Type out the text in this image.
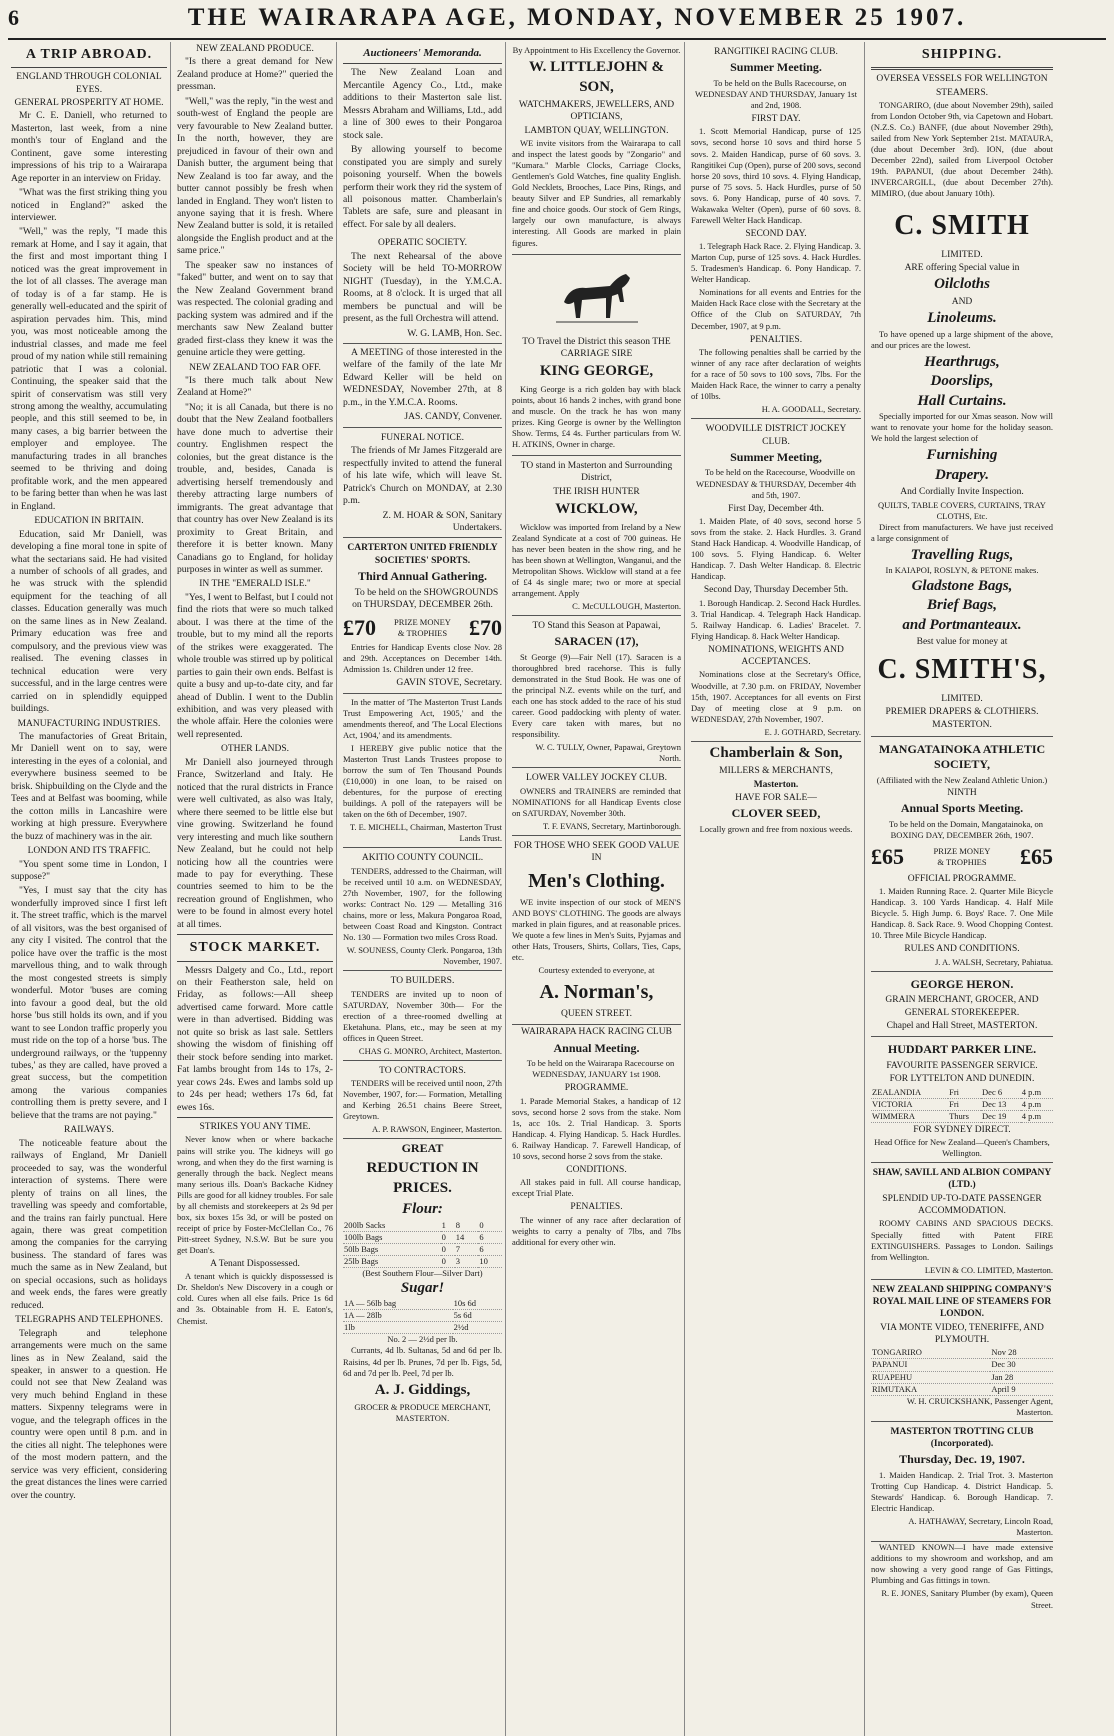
6	THE WAIRARAPA AGE, MONDAY, NOVEMBER 25 1907.
A TRIP ABROAD.
ENGLAND THROUGH COLONIAL EYES.
GENERAL PROSPERITY AT HOME.

Mr C. E. Daniell, who returned to Masterton, last week, from a nine month's tour of England and the Continent, gave some interesting impressions of his trip to a Wairarapa Age reporter in an interview on Friday.

"What was the first striking thing you noticed in England?" asked the interviewer.

"Well," was the reply, "I made this remark at Home, and I say it again, that the first and most important thing I noticed was the great improvement in the lot of all classes. The average man of today is of a far stamp. He is generally well-educated and the spirit of aspiration pervades him. This, mind you, was most noticeable among the industrial classes, and made me feel proud of my nation while still remaining patriotic that I was a colonial. Continuing, the speaker said that the spirit of conservatism was still very strong among the wealthy, accumulating people, and this still seemed to be, in many cases, a big barrier between the employer and employee. The manufacturing trades in all branches seemed to be thriving and doing profitable work, and the men appeared to be faring better than when he was last in England.

EDUCATION IN BRITAIN.

Education, said Mr Daniell, was developing a fine moral tone in spite of what the sectarians said. He had visited a number of schools of all grades, and he was struck with the splendid equipment for the teaching of all classes. Education generally was much on the same lines as in New Zealand. Primary education was free and compulsory, and the previous view was realised. The evening classes in technical education were very successful, and in the large centres were carried on in splendidly equipped buildings.

MANUFACTURING INDUSTRIES.

The manufactories of Great Britain, Mr Daniell went on to say, were interesting in the eyes of a colonial, and everywhere business seemed to be brisk. Shipbuilding on the Clyde and the Tees and at Belfast was booming, while the cotton mills in Lancashire were working at high pressure. Everywhere the buzz of machinery was in the air.

LONDON AND ITS TRAFFIC.

"You spent some time in London, I suppose?"

"Yes, I must say that the city has wonderfully improved since I first left it. The street traffic, which is the marvel of all visitors, was the best organised of any city I visited. The control that the police have over the traffic is the most marvellous thing, and to walk through the most congested streets is simply wonderful. Motor 'buses are coming into favour a good deal, but the old horse 'bus still holds its own, and if you want to see London traffic properly you must ride on the top of a horse 'bus. The underground railways, or the 'tuppenny tubes,' as they are called, have proved a great success, but the competition among the various companies controlling them is pretty severe, and I believe that the trams are not paying."

RAILWAYS.

The noticeable feature about the railways of England, Mr Daniell proceeded to say, was the wonderful interaction of systems. There were plenty of trains on all lines, the travelling was speedy and comfortable, and the trains ran fairly punctual. Here again, there was great competition among the companies for the carrying business. The standard of fares was much the same as in New Zealand, but on special occasions, such as holidays and week ends, the fares were greatly reduced.

TELEGRAPHS AND TELEPHONES.

Telegraph and telephone arrangements were much on the same lines as in New Zealand, said the speaker, in answer to a question. He could not see that New Zealand was very much behind England in these matters. Sixpenny telegrams were in vogue, and the telegraph offices in the country were open until 8 p.m. and in the cities all night. The telephones were of the most modern pattern, and the service was very efficient, considering the great distances the lines were carried over the country.

NEW ZEALAND PRODUCE.

"Is there a great demand for New Zealand produce at Home?" queried the pressman.

"Well," was the reply, "in the west and south-west of England the people are very favourable to New Zealand butter. In the north, however, they are prejudiced in favour of their own and Danish butter, the argument being that New Zealand is too far away, and the butter cannot possibly be fresh when landed in England. They won't listen to anyone saying that it is fresh. Where New Zealand butter is sold, it is retailed alongside the English product and at the same price."

The speaker saw no instances of "faked" butter, and went on to say that the New Zealand Government brand was respected. The colonial grading and packing system was admired and if the merchants saw New Zealand butter graded first-class they knew it was the genuine article they were getting.

NEW ZEALAND TOO FAR OFF.

"Is there much talk about New Zealand at Home?"

"No; it is all Canada, but there is no doubt that the New Zealand footballers have done much to advertise their country. Englishmen respect the colonies, but the great distance is the trouble, and, besides, Canada is advertising herself tremendously and thereby attracting large numbers of immigrants. The great advantage that that country has over New Zealand is its proximity to Great Britain, and therefore it is better known. Many Canadians go to England, for holiday purposes in winter as well as summer.

IN THE "EMERALD ISLE."

"Yes, I went to Belfast, but I could not find the riots that were so much talked about. I was there at the time of the trouble, but to my mind all the reports of the strikes were exaggerated. The whole trouble was stirred up by political parties to gain their own ends. Belfast is quite a busy and up-to-date city, and far ahead of Dublin. I went to the Dublin exhibition, and was very pleased with the whole affair. Here the colonies were well represented.

OTHER LANDS.

Mr Daniell also journeyed through France, Switzerland and Italy. He noticed that the rural districts in France were well cultivated, as also was Italy, where there seemed to be little else but vine growing. Switzerland he found very interesting and much like southern New Zealand, but he could not help noticing how all the countries were made to pay for everything. These countries seemed to him to be the recreation ground of Englishmen, who were to be found in almost every hotel at all times.

STOCK MARKET.

Messrs Dalgety and Co., Ltd., report on their Featherston sale, held on Friday, as follows:—All sheep advertised came forward. More cattle were in than advertised. Bidding was not quite so brisk as last sale. Settlers showing the wisdom of finishing off their stock before sending into market. Fat lambs brought from 14s to 17s, 2-year cows 24s. Ewes and lambs sold up to 24s per head; wethers 17s 6d, fat ewes 16s.

STRIKES YOU ANY TIME.

Never know when or where backache pains will strike you. The kidneys will go wrong, and when they do the first warning is generally through the back. Neglect means many serious ills. Doan's Backache Kidney Pills are good for all kidney troubles. For sale by all chemists and storekeepers at 2s 9d per box, six boxes 15s 3d, or will be posted on receipt of price by Foster-McClellan Co., 76 Pitt-street Sydney, N.S.W. But be sure you get Doan's.

A Tenant Dispossessed.

A tenant which is quickly dispossessed is Dr. Sheldon's New Discovery in a cough or cold. Cures when all else fails. Price 1s 6d and 3s. Obtainable from H. E. Eaton's, Chemist.

Auctioneers' Memoranda.

The New Zealand Loan and Mercantile Agency Co., Ltd., make additions to their Masterton sale list. Messrs Abraham and Williams, Ltd., add a line of 300 ewes to their Pongaroa stock sale.

By allowing yourself to become constipated you are simply and surely poisoning yourself. When the bowels perform their work they rid the system of all poisonous matter. Chamberlain's Tablets are safe, sure and pleasant in effect. For sale by all dealers.

OPERATIC SOCIETY.

The next Rehearsal of the above Society will be held TO-MORROW NIGHT (Tuesday), in the Y.M.C.A. Rooms, at 8 o'clock. It is urged that all members be punctual and will be present, as the full Orchestra will attend.

W. G. LAMB, Hon. Sec.

A MEETING of those interested in the welfare of the family of the late Mr Edward Keller will be held on WEDNESDAY, November 27th, at 8 p.m., in the Y.M.C.A. Rooms.

JAS. CANDY, Convener.
FUNERAL NOTICE.

The friends of Mr James Fitzgerald are respectfully invited to attend the funeral of his late wife, which will leave St. Patrick's Church on MONDAY, at 2.30 p.m.

Z. M. HOAR & SON, Sanitary Undertakers.
CARTERTON UNITED FRIENDLY SOCIETIES' SPORTS.
Third Annual Gathering.

To be held on the SHOWGROUNDS on THURSDAY, DECEMBER 26th.

£70 PRIZE MONEY & TROPHIES £70

Entries for Handicap Events close Nov. 28 and 29th. Acceptances on December 14th. Admission 1s. Children under 12 free.

GAVIN STOVE, Secretary.

In the matter of 'The Masterton Trust Lands Trust Empowering Act, 1905,' and the amendments thereof, and 'The Local Elections Act, 1904,' and its amendments.

I HEREBY give public notice that the Masterton Trust Lands Trustees propose to borrow the sum of Ten Thousand Pounds (£10,000) in one loan, to be raised on debentures, for the purpose of erecting buildings. A poll of the ratepayers will be taken on the 6th of December, 1907.

T. E. MICHELL, Chairman, Masterton Trust Lands Trust.
AKITIO COUNTY COUNCIL.

TENDERS, addressed to the Chairman, will be received until 10 a.m. on WEDNESDAY, 27th November, 1907, for the following works: Contract No. 129 — Metalling 316 chains, more or less, Makura Pongaroa Road, between Coast Road and Kingston. Contract No. 130 — Formation two miles Cross Road.

W. SOUNESS, County Clerk. Pongaroa, 13th November, 1907.
TO BUILDERS.

TENDERS are invited up to noon of SATURDAY, November 30th— For the erection of a three-roomed dwelling at Eketahuna. Plans, etc., may be seen at my offices in Queen Street.

CHAS G. MONRO, Architect, Masterton.
TO CONTRACTORS.

TENDERS will be received until noon, 27th November, 1907, for:— Formation, Metalling and Kerbing 26.51 chains Beere Street, Greytown.

A. P. RAWSON, Engineer, Masterton.
GREAT
REDUCTION IN PRICES.
Flour:
200lb Sacks	1	8	0
100lb Bags	0	14	6
50lb Bags	0	7	6
25lb Bags	0	3	10
(Best Southern Flour—Silver Dart)
Sugar!
1A — 56lb bag	10s 6d
1A — 28lb	5s 6d
1lb	2½d
No. 2 — 2½d per lb.

Currants, 4d lb. Sultanas, 5d and 6d per lb. Raisins, 4d per lb. Prunes, 7d per lb. Figs, 5d, 6d and 7d per lb. Peel, 7d per lb.

A. J. Giddings,
GROCER & PRODUCE MERCHANT, MASTERTON.
By Appointment to His Excellency the Governor.
W. LITTLEJOHN & SON,
WATCHMAKERS, JEWELLERS, AND OPTICIANS,
LAMBTON QUAY, WELLINGTON.

WE invite visitors from the Wairarapa to call and inspect the latest goods by "Zongario" and "Kumara." Marble Clocks, Carriage Clocks, Gentlemen's Gold Watches, fine quality English. Gold Necklets, Brooches, Lace Pins, Rings, and beauty Silver and EP Sundries, all remarkably fine and choice goods. Our stock of Gem Rings, largely our own manufacture, is always interesting. All Goods are marked in plain figures.

TO Travel the District this season THE CARRIAGE SIRE
KING GEORGE,

King George is a rich golden bay with black points, about 16 hands 2 inches, with grand bone and muscle. On the track he has won many prizes. King George is owner by the Wellington Show. Terms, £4 4s. Further particulars from W. H. ATKINS, Owner in charge.

TO stand in Masterton and Surrounding District,
THE IRISH HUNTER
WICKLOW,

Wicklow was imported from Ireland by a New Zealand Syndicate at a cost of 700 guineas. He has never been beaten in the show ring, and he has been shown at Wellington, Wanganui, and the Metropolitan Shows. Wicklow will stand at a fee of £4 4s single mare; two or more at special arrangement. Apply

C. McCULLOUGH, Masterton.
TO Stand this Season at Papawai,
SARACEN (17),

St George (9)—Fair Nell (17). Saracen is a thoroughbred bred racehorse. This is fully demonstrated in the Stud Book. He was one of the principal N.Z. events while on the turf, and each one has stock added to the race of his stud career. Good paddocking with plenty of water. Every care taken with mares, but no responsibility.

W. C. TULLY, Owner, Papawai, Greytown North.
LOWER VALLEY JOCKEY CLUB.

OWNERS and TRAINERS are reminded that NOMINATIONS for all Handicap Events close on SATURDAY, November 30th.

T. F. EVANS, Secretary, Martinborough.
FOR THOSE WHO SEEK GOOD VALUE IN
Men's Clothing.

WE invite inspection of our stock of MEN'S AND BOYS' CLOTHING. The goods are always marked in plain figures, and at reasonable prices. We quote a few lines in Men's Suits, Pyjamas and other Hats, Trousers, Shirts, Collars, Ties, Caps, etc.

Courtesy extended to everyone, at
A. Norman's,
QUEEN STREET.
WAIRARAPA HACK RACING CLUB
Annual Meeting.

To be held on the Wairarapa Racecourse on WEDNESDAY, JANUARY 1st 1908.

PROGRAMME.

1. Parade Memorial Stakes, a handicap of 12 sovs, second horse 2 sovs from the stake. Nom 1s, acc 10s. 2. Trial Handicap. 3. Sports Handicap. 4. Flying Handicap. 5. Hack Hurdles. 6. Railway Handicap. 7. Farewell Handicap, of 10 sovs, second horse 2 sovs from the stake.

CONDITIONS.

All stakes paid in full. All course handicap, except Trial Plate.

PENALTIES.

The winner of any race after declaration of weights to carry a penalty of 7lbs, and 7lbs additional for every other win.

RANGITIKEI RACING CLUB.
Summer Meeting.

To be held on the Bulls Racecourse, on WEDNESDAY AND THURSDAY, January 1st and 2nd, 1908.

FIRST DAY.

1. Scott Memorial Handicap, purse of 125 sovs, second horse 10 sovs and third horse 5 sovs. 2. Maiden Handicap, purse of 60 sovs. 3. Rangitikei Cup (Open), purse of 200 sovs, second horse 20 sovs, third 10 sovs. 4. Flying Handicap, purse of 75 sovs. 5. Hack Hurdles, purse of 50 sovs. 6. Pony Handicap, purse of 40 sovs. 7. Wakawaka Welter (Open), purse of 60 sovs. 8. Farewell Welter Hack Handicap.

SECOND DAY.

1. Telegraph Hack Race. 2. Flying Handicap. 3. Marton Cup, purse of 125 sovs. 4. Hack Hurdles. 5. Tradesmen's Handicap. 6. Pony Handicap. 7. Welter Handicap.

Nominations for all events and Entries for the Maiden Hack Race close with the Secretary at the Office of the Club on SATURDAY, 7th December, 1907, at 9 p.m.

PENALTIES.

The following penalties shall be carried by the winner of any race after declaration of weights for a race of 50 sovs to 100 sovs, 7lbs. For the Maiden Hack Race, the winner to carry a penalty of 10lbs.

H. A. GOODALL, Secretary.
WOODVILLE DISTRICT JOCKEY CLUB.
Summer Meeting,

To be held on the Racecourse, Woodville on WEDNESDAY & THURSDAY, December 4th and 5th, 1907.

First Day, December 4th.

1. Maiden Plate, of 40 sovs, second horse 5 sovs from the stake. 2. Hack Hurdles. 3. Grand Stand Hack Handicap. 4. Woodville Handicap, of 100 sovs. 5. Flying Handicap. 6. Welter Handicap. 7. Dash Welter Handicap. 8. Electric Handicap.

Second Day, Thursday December 5th.

1. Borough Handicap. 2. Second Hack Hurdles. 3. Trial Handicap. 4. Telegraph Hack Handicap. 5. Railway Handicap. 6. Ladies' Bracelet. 7. Flying Handicap. 8. Hack Welter Handicap.

NOMINATIONS, WEIGHTS AND ACCEPTANCES.

Nominations close at the Secretary's Office, Woodville, at 7.30 p.m. on FRIDAY, November 15th, 1907. Acceptances for all events on First Day of meeting close at 9 p.m. on WEDNESDAY, 27th November, 1907.

E. J. GOTHARD, Secretary.
Chamberlain & Son,
MILLERS & MERCHANTS,
Masterton.
HAVE FOR SALE—
CLOVER SEED,
Locally grown and free from noxious weeds.
SHIPPING.
OVERSEA VESSELS FOR WELLINGTON
STEAMERS.

TONGARIRO, (due about November 29th), sailed from London October 9th, via Capetown and Hobart. (N.Z.S. Co.) BANFF, (due about November 29th), sailed from New York September 21st. MATAURA, (due about December 3rd). ION, (due about December 22nd), sailed from Liverpool October 19th. PAPANUI, (due about December 24th). INVERCARGILL, (due about December 27th). MIMIRO, (due about January 10th).

C. SMITH
LIMITED.
ARE offering Special value in
Oilcloths
AND
Linoleums.

To have opened up a large shipment of the above, and our prices are the lowest.

Hearthrugs,
Doorslips,
Hall Curtains.

Specially imported for our Xmas season. Now will want to renovate your home for the holiday season. We hold the largest selection of

Furnishing
Drapery.
And Cordially Invite Inspection.
QUILTS, TABLE COVERS, CURTAINS, TRAY CLOTHS, Etc.

Direct from manufacturers. We have just received a large consignment of

Travelling Rugs,
In KAIAPOI, ROSLYN, & PETONE makes.
Gladstone Bags,
Brief Bags,
and Portmanteaux.
Best value for money at
C. SMITH'S,
LIMITED.
PREMIER DRAPERS & CLOTHIERS.
MASTERTON.
MANGATAINOKA ATHLETIC SOCIETY,
(Affiliated with the New Zealand Athletic Union.)
NINTH
Annual Sports Meeting.

To be held on the Domain, Mangatainoka, on BOXING DAY, DECEMBER 26th, 1907.

£65	PRIZE MONEY & TROPHIES £65
OFFICIAL PROGRAMME.

1. Maiden Running Race. 2. Quarter Mile Bicycle Handicap. 3. 100 Yards Handicap. 4. Half Mile Bicycle. 5. High Jump. 6. Boys' Race. 7. One Mile Handicap. 8. Sack Race. 9. Wood Chopping Contest. 10. Three Mile Bicycle Handicap.

RULES AND CONDITIONS.
J. A. WALSH, Secretary, Pahiatua.
GEORGE HERON.
GRAIN MERCHANT, GROCER, AND GENERAL STOREKEEPER.
Chapel and Hall Street, MASTERTON.
HUDDART PARKER LINE.
FAVOURITE PASSENGER SERVICE.
FOR LYTTELTON AND DUNEDIN.
ZEALANDIA	Fri	Dec 6	4 p.m
VICTORIA	Fri	Dec 13	4 p.m
WIMMERA	Thurs	Dec 19	4 p.m
FOR SYDNEY DIRECT.
Head Office for New Zealand—Queen's Chambers, Wellington.
SHAW, SAVILL AND ALBION COMPANY (LTD.)
SPLENDID UP-TO-DATE PASSENGER ACCOMMODATION.

ROOMY CABINS AND SPACIOUS DECKS. Specially fitted with Patent FIRE EXTINGUISHERS. Passages to London. Sailings from Wellington.

LEVIN & CO. LIMITED, Masterton.
NEW ZEALAND SHIPPING COMPANY'S ROYAL MAIL LINE OF STEAMERS FOR LONDON.
VIA MONTE VIDEO, TENERIFFE, AND PLYMOUTH.
TONGARIRO	Nov 28
PAPANUI	Dec 30
RUAPEHU	Jan 28
RIMUTAKA	April 9
W. H. CRUICKSHANK, Passenger Agent, Masterton.
MASTERTON TROTTING CLUB (Incorporated).
Thursday, Dec. 19, 1907.

1. Maiden Handicap. 2. Trial Trot. 3. Masterton Trotting Cup Handicap. 4. District Handicap. 5. Stewards' Handicap. 6. Borough Handicap. 7. Electric Handicap.

A. HATHAWAY, Secretary, Lincoln Road, Masterton.

WANTED KNOWN—I have made extensive additions to my showroom and workshop, and am now showing a very good range of Gas Fittings, Plumbing and Gas fittings in town.

R. E. JONES, Sanitary Plumber (by exam), Queen Street.
